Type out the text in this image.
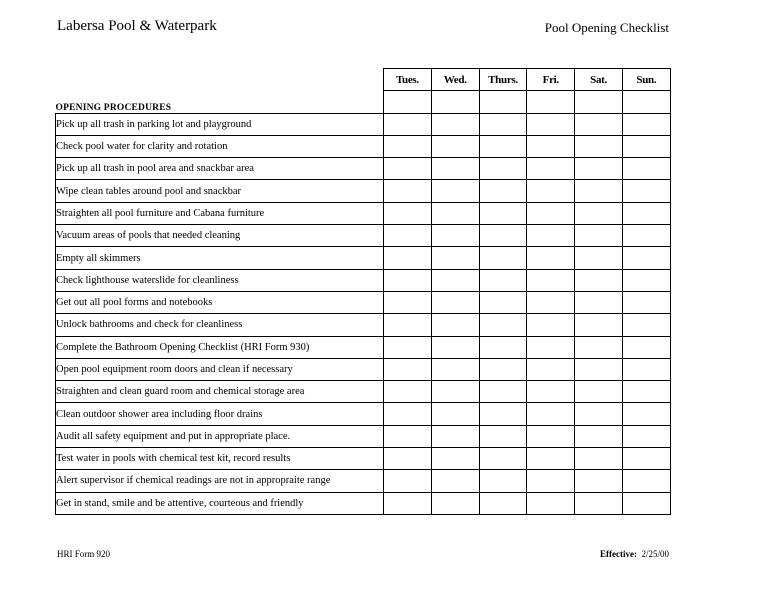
Labersa Pool & Waterpark	Pool Opening Checklist
	Tues.	Wed.	Thurs.	Fri.	Sat.	Sun.
OPENING PROCEDURES						
Pick up all trash in parking lot and playground						
Check pool water for clarity and rotation						
Pick up all trash in pool area and snackbar area						
Wipe clean tables around pool and snackbar						
Straighten all pool furniture and Cabana furniture						
Vacuum areas of pools that needed cleaning						
Empty all skimmers						
Check lighthouse waterslide for cleanliness						
Get out all pool forms and notebooks						
Unlock bathrooms and check for cleanliness						
Complete the Bathroom Opening Checklist (HRI Form 930)						
Open pool equipment room doors and clean if necessary						
Straighten and clean guard room and chemical storage area						
Clean outdoor shower area including floor drains						
Audit all safety equipment and put in appropriate place.						
Test water in pools with chemical test kit, record results						
Alert supervisor if chemical readings are not in appropraite range						
Get in stand, smile and be attentive, courteous and friendly						
HRI Form 920	Effective: 2/25/00
